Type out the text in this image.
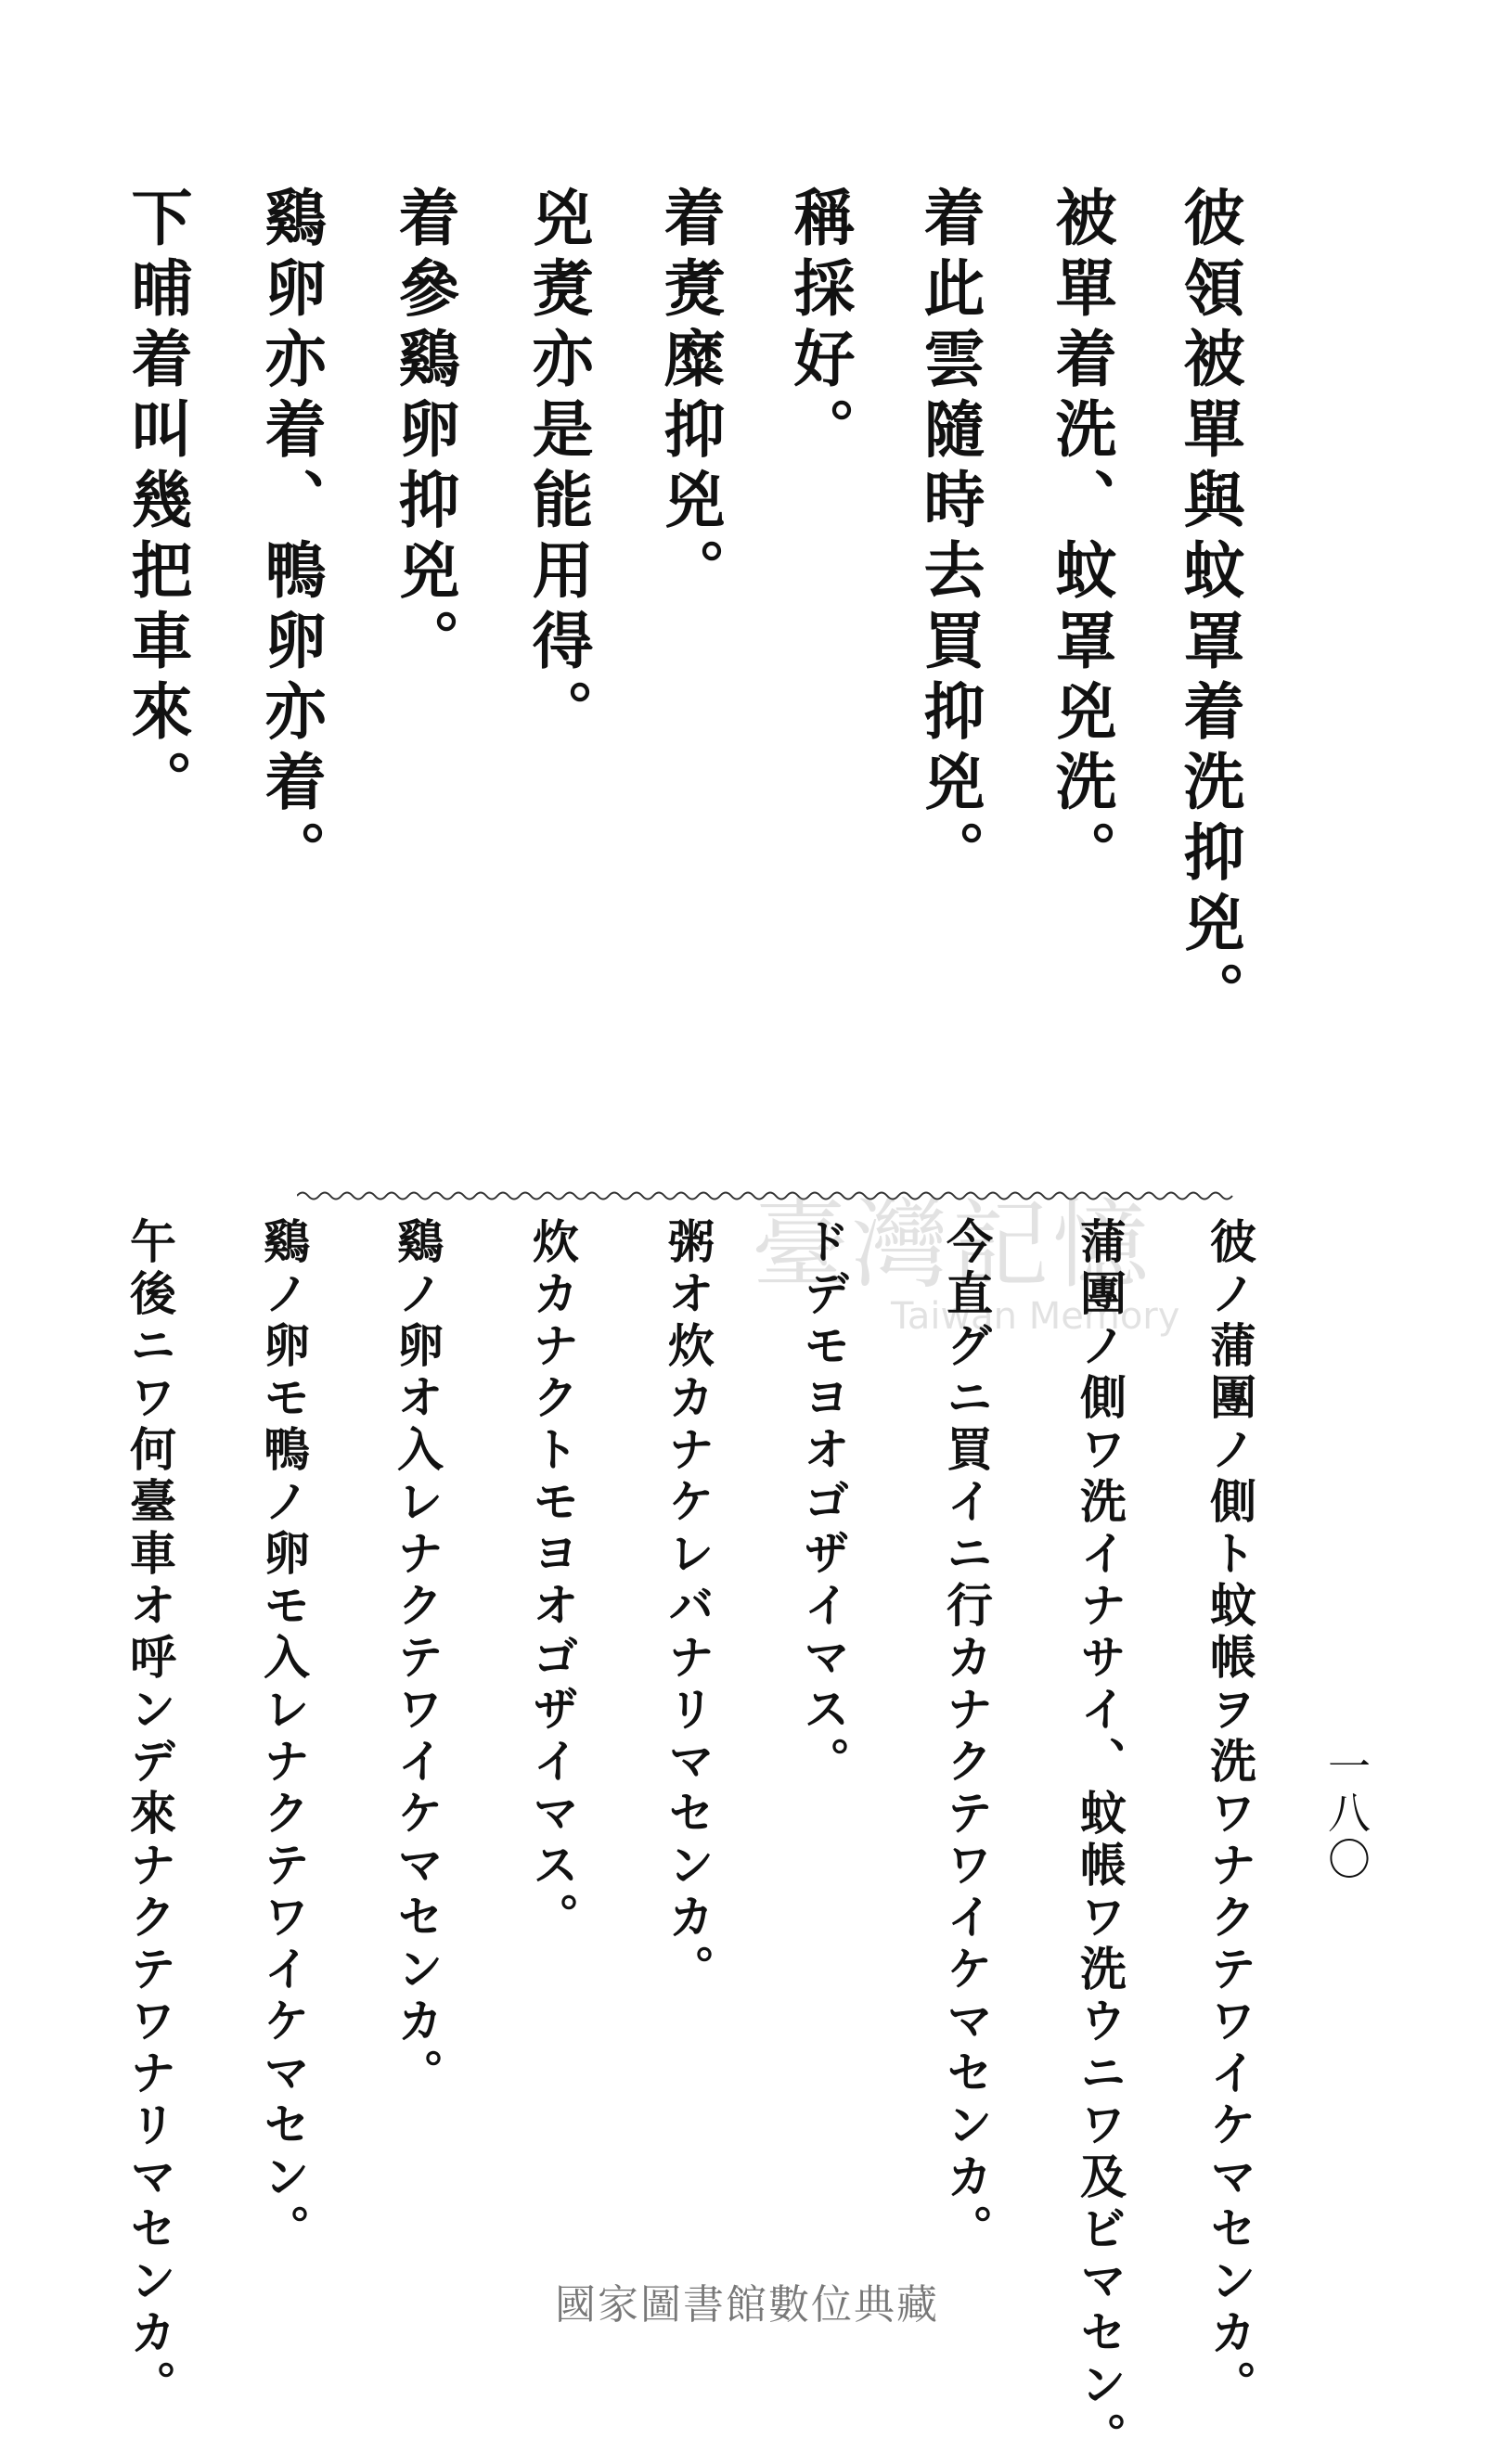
彼領被單與蚊罩着洗抑兇。
被單着洗、蚊罩兇洗。
着此雲隨時去買抑兇。
稱採好。
着煑糜抑兇。
兇煑亦是能用得。
着參鷄卵抑兇。
鷄卵亦着、鴨卵亦着。
下晡着叫幾把車來。
臺灣記憶
Taiwan Memory 彼ノ蒲團ノ側ト蚊帳ヲ洗ワナクテワイケマセンカ。
蒲團ノ側ワ洗イナサイ、蚊帳ワ洗ウニワ及ビマセン。
今直グニ買イニ行カナクテワイケマセンカ。
ドデモヨオゴザイマス。
粥オ炊カナケレバナリマセンカ。
炊カナクトモヨオゴザイマス。
鷄ノ卵オ入レナクテワイケマセンカ。
鷄ノ卵モ鴨ノ卵モ入レナクテワイケマセン。
午後ニワ何臺車オ呼ンデ來ナクテワナリマセンカ。	一八〇
國家圖書館數位典藏
